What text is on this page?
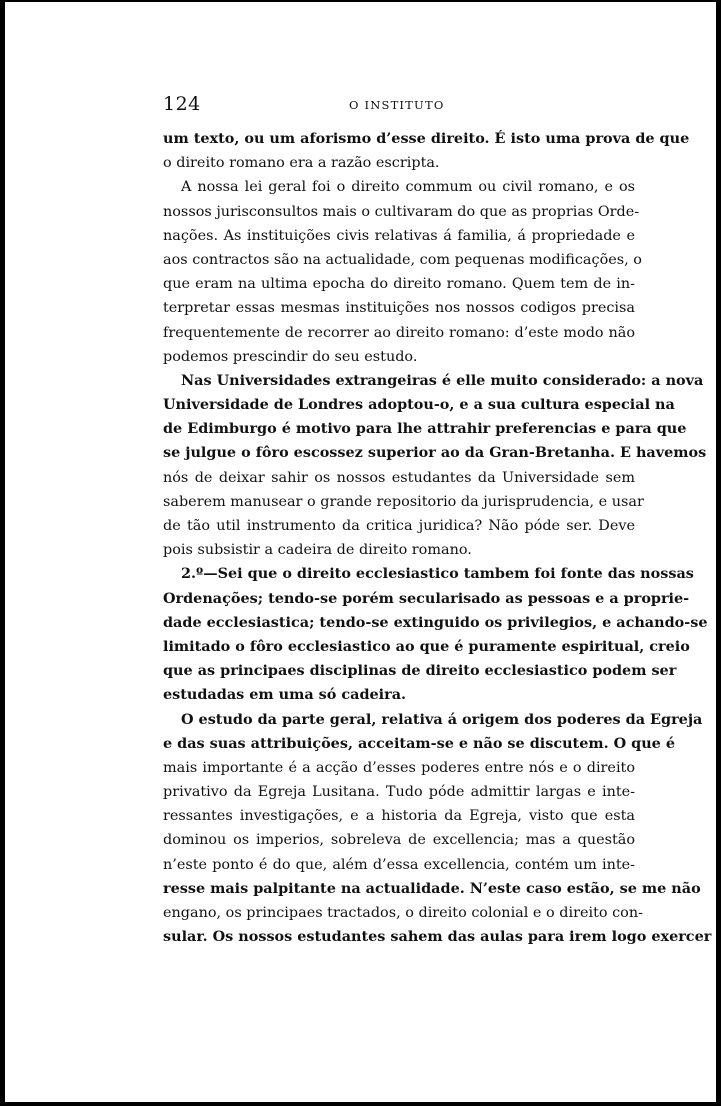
124	O INSTITUTO
um texto, ou um aforismo d’esse direito. É isto uma prova de que
o direito romano era a razão escripta.
A nossa lei geral foi o direito commum ou civil romano, e os
nossos jurisconsultos mais o cultivaram do que as proprias Orde-
nações. As instituições civis relativas á familia, á propriedade e
aos contractos são na actualidade, com pequenas modificações, o
que eram na ultima epocha do direito romano. Quem tem de in-
terpretar essas mesmas instituições nos nossos codigos precisa
frequentemente de recorrer ao direito romano: d’este modo não
podemos prescindir do seu estudo.
Nas Universidades extrangeiras é elle muito considerado: a nova
Universidade de Londres adoptou-o, e a sua cultura especial na
de Edimburgo é motivo para lhe attrahir preferencias e para que
se julgue o fôro escossez superior ao da Gran-Bretanha. E havemos
nós de deixar sahir os nossos estudantes da Universidade sem
saberem manusear o grande repositorio da jurisprudencia, e usar
de tão util instrumento da critica juridica? Não póde ser. Deve
pois subsistir a cadeira de direito romano.
2.º—Sei que o direito ecclesiastico tambem foi fonte das nossas
Ordenações; tendo-se porém secularisado as pessoas e a proprie-
dade ecclesiastica; tendo-se extinguido os privilegios, e achando-se
limitado o fôro ecclesiastico ao que é puramente espiritual, creio
que as principaes disciplinas de direito ecclesiastico podem ser
estudadas em uma só cadeira.
O estudo da parte geral, relativa á origem dos poderes da Egreja
e das suas attribuições, acceitam-se e não se discutem. O que é
mais importante é a acção d’esses poderes entre nós e o direito
privativo da Egreja Lusitana. Tudo póde admittir largas e inte-
ressantes investigações, e a historia da Egreja, visto que esta
dominou os imperios, sobreleva de excellencia; mas a questão
n’este ponto é do que, além d’essa excellencia, contém um inte-
resse mais palpitante na actualidade. N’este caso estão, se me não
engano, os principaes tractados, o direito colonial e o direito con-
sular. Os nossos estudantes sahem das aulas para irem logo exercer
